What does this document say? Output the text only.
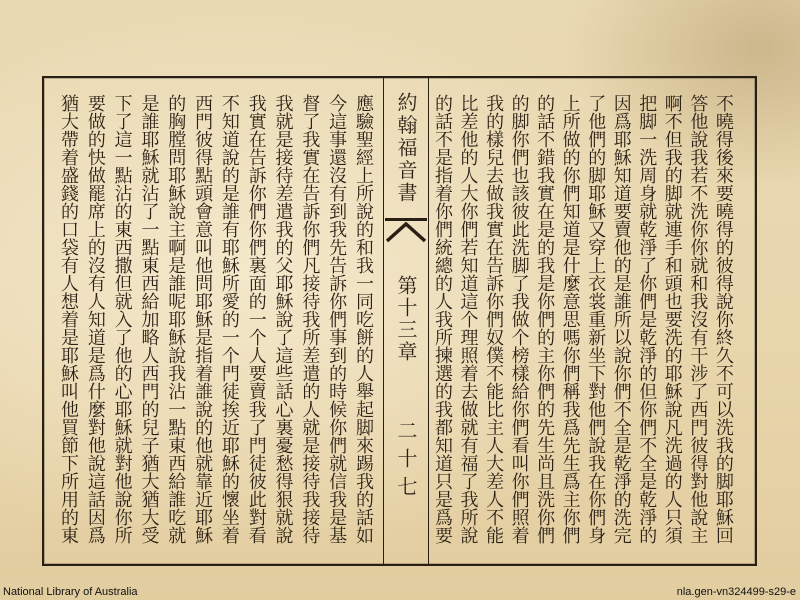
應驗聖經上所說的和我一同吃餅的人舉起脚來踢我的話如
今這事還沒有到我先告訴你們事到的時候你們就信我是基
督了我實在告訴你們凡接待我所差遣的人就是接待我接待
我就是接待差遣我的父耶穌說了這些話心裏憂愁得狠就說
我實在告訴你們你們裏面的一个人要賣我了門徒彼此對看
不知道說的是誰有耶穌所愛的一个門徒挨近耶穌的懷坐着
西門彼得點頭會意叫他問耶穌是指着誰說的他就靠近耶穌
的胸膛問耶穌說主啊是誰呢耶穌說我沾一點東西給誰吃就
是誰耶穌就沾了一點東西給加略人西門的兒子猶大猶大受
下了這一點沾的東西撒但就入了他的心耶穌就對他說你所
要做的快做罷席上的沒有人知道是爲什麼對他說這話因爲
猶大帶着盛錢的口袋有人想着是耶穌叫他買節下所用的東	約翰福音書
第十三章
二十七	不曉得後來要曉得的彼得說你終久不可以洗我的脚耶穌回
答他說我若不洗你你就和我沒有干涉了西門彼得對他說主
啊不但我的脚就連手和頭也要洗的耶穌說凡洗過的人只須
把脚一洗周身就乾淨了你們是乾淨的但你們不全是乾淨的
因爲耶穌知道要賣他的是誰所以說你們不全是乾淨的洗完
了他們的脚耶穌又穿上衣裳重新坐下對他們說我在你們身
上所做的你們知道是什麼意思嗎你們稱我爲先生爲主你們
的話不錯我實在是的我是你們的主你們的先生尚且洗你們
的脚你們也該彼此洗脚了我做个榜樣給你們看叫你們照着
我的樣兒去做我實在告訴你們奴僕不能比主人大差人不能
比差他的人大你們若知道這个理照着去做就有福了我所說
的話不是指着你們統總的人我所揀選的我都知道只是爲要
National Library of Australia	nla.gen-vn324499-s29-e
